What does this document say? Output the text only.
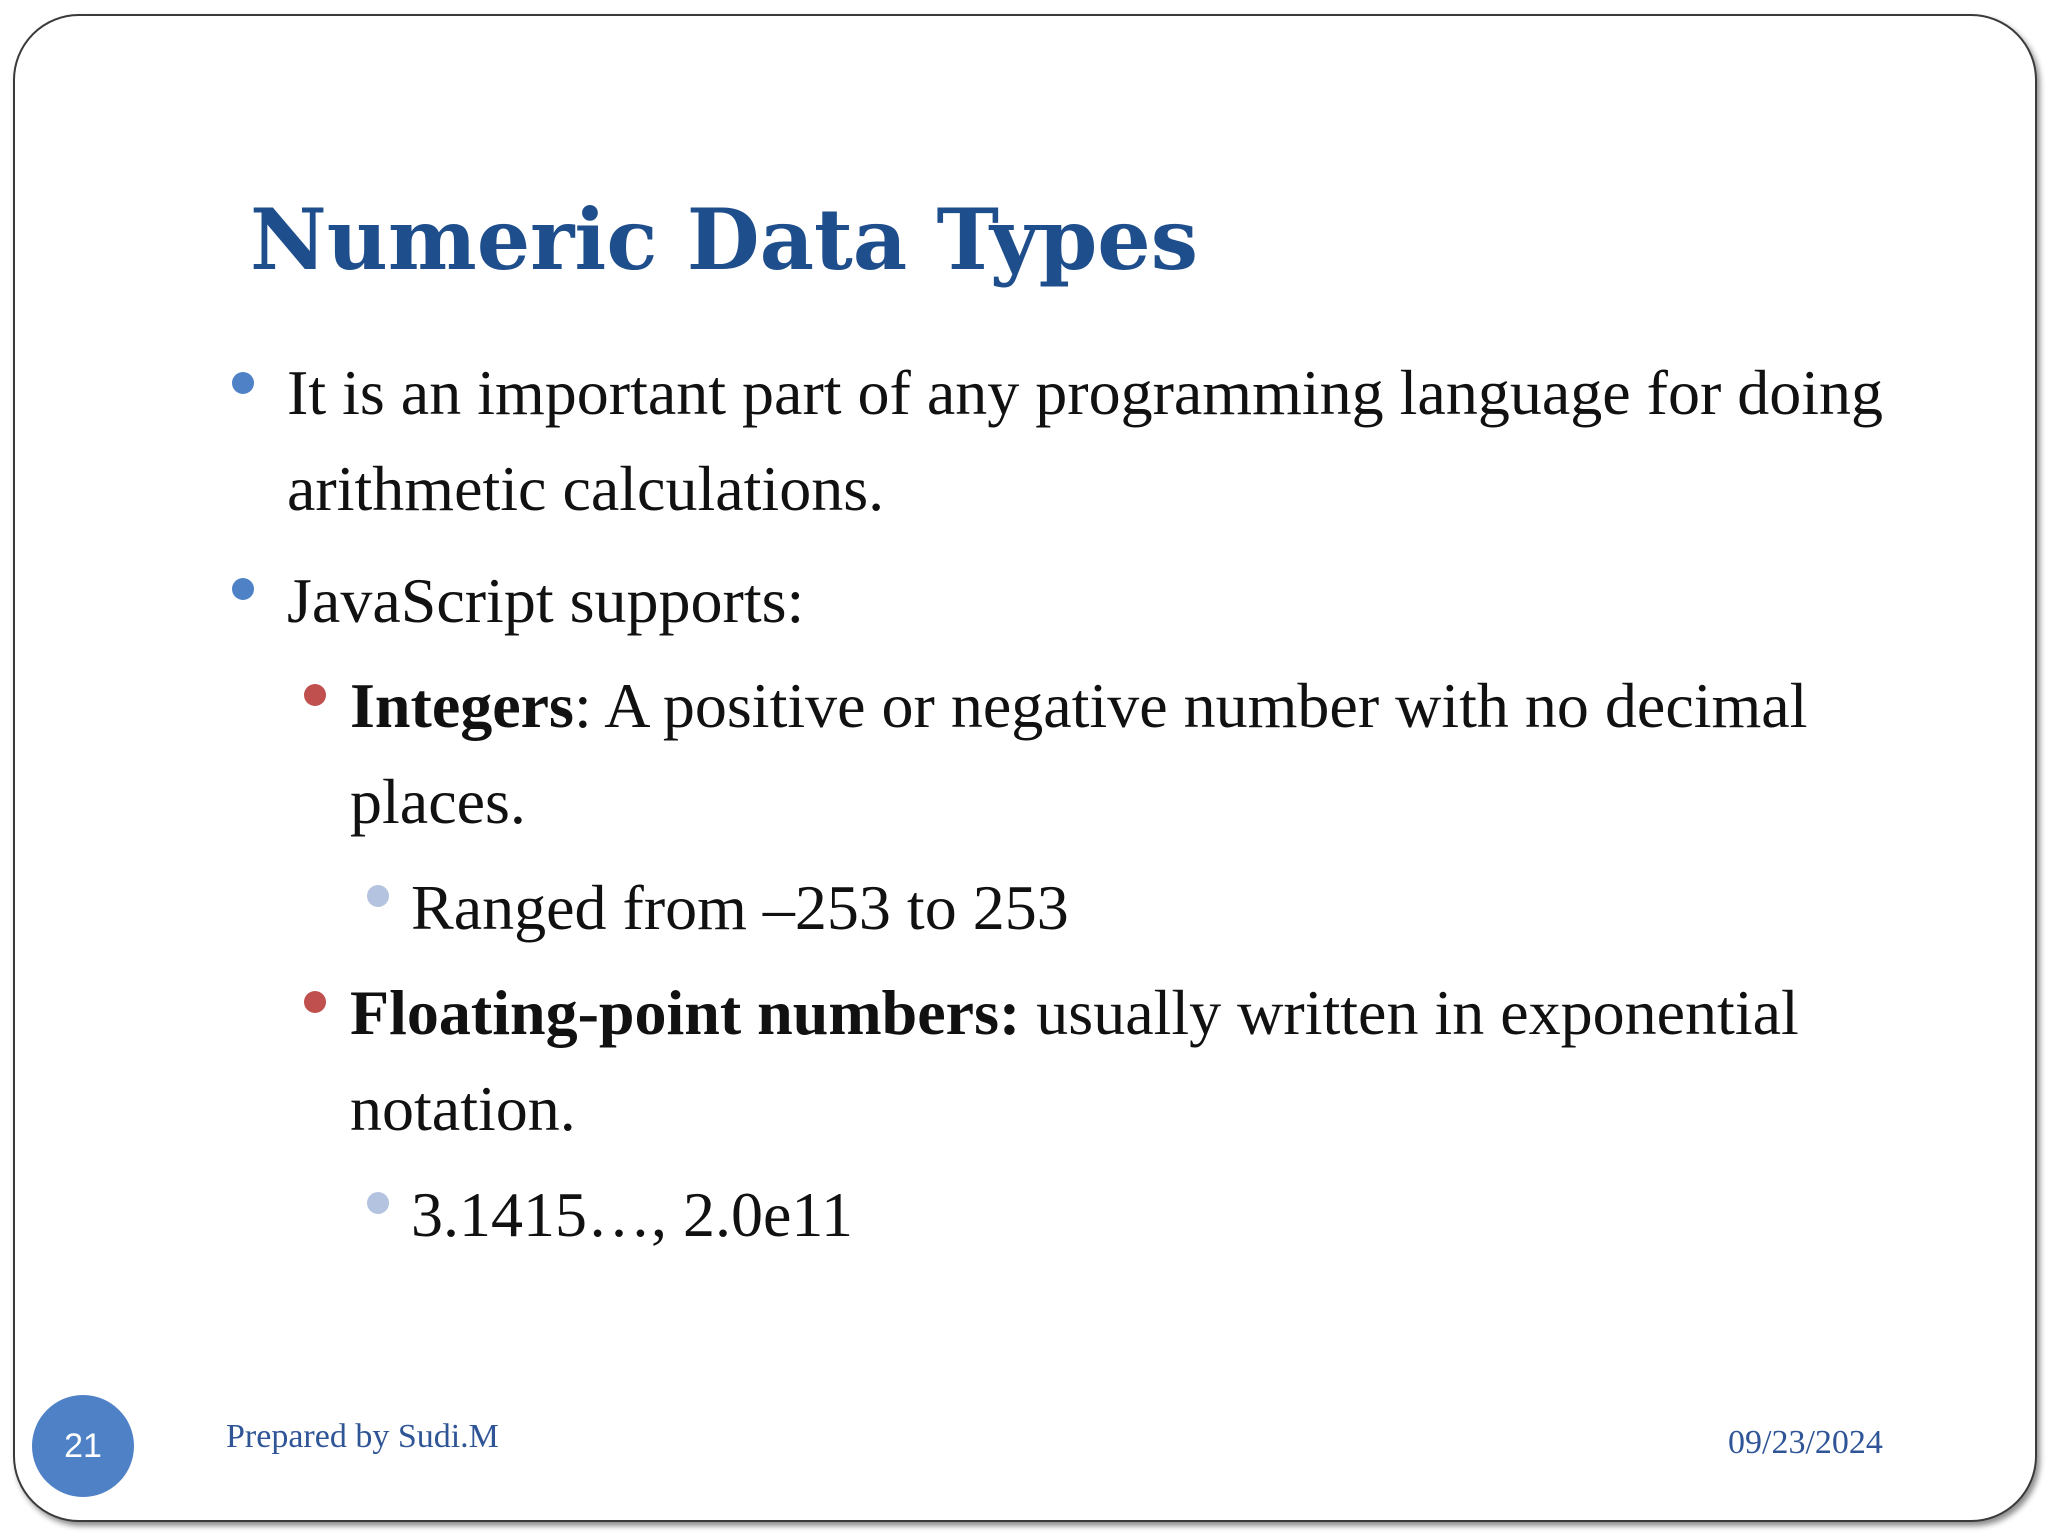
Numeric Data Types
It is an important part of any programming language for doing arithmetic calculations.
JavaScript supports:
Integers: A positive or negative number with no decimal places.
Ranged from –253 to 253
Floating-point numbers: usually written in exponential notation.
3.1415…, 2.0e11
21	Prepared by Sudi.M	09/23/2024
